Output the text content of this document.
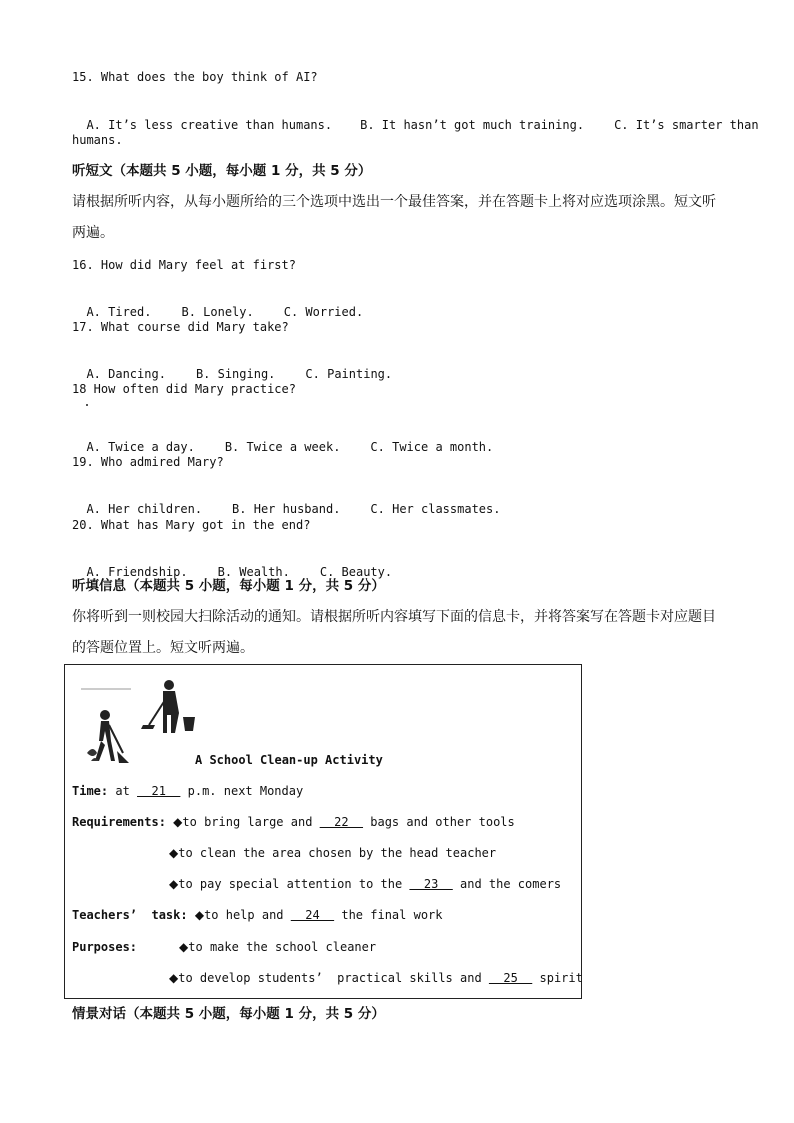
15. What does the boy think of AI?

A. It’s less creative than humans. B. It hasn’t got much training.	C. It’s smarter than

humans.
听短文（本题共 5 小题，每小题 1 分，共 5 分）
请根据所听内容，从每小题所给的三个选项中选出一个最佳答案，并在答题卡上将对应选项涂黑。短文听
两遍。
16. How did Mary feel at first?

A. Tired.	B. Lonely.	C. Worried.

17. What course did Mary take?

A. Dancing.	B. Singing.	C. Painting.

18 How often did Mary practice?

A. Twice a day.	B. Twice a week.	C. Twice a month.

19. Who admired Mary?

A. Her children.	B. Her husband.	C. Her classmates.

20. What has Mary got in the end?

A. Friendship.	B. Wealth.	C. Beauty.

听填信息（本题共 5 小题，每小题 1 分，共 5 分）
你将听到一则校园大扫除活动的通知。请根据所听内容填写下面的信息卡，并将答案写在答题卡对应题目
的答题位置上。短文听两遍。
A School Clean-up Activity
Time: at   21   p.m. next Monday
Requirements: ◆to bring large and   22   bags and other tools
◆to clean the area chosen by the head teacher
◆to pay special attention to the   23   and the comers
Teachers’  task: ◆to help and   24   the final work
Purposes:	◆to make the school cleaner
◆to develop students’  practical skills and   25   spirit
情景对话（本题共 5 小题，每小题 1 分，共 5 分）
